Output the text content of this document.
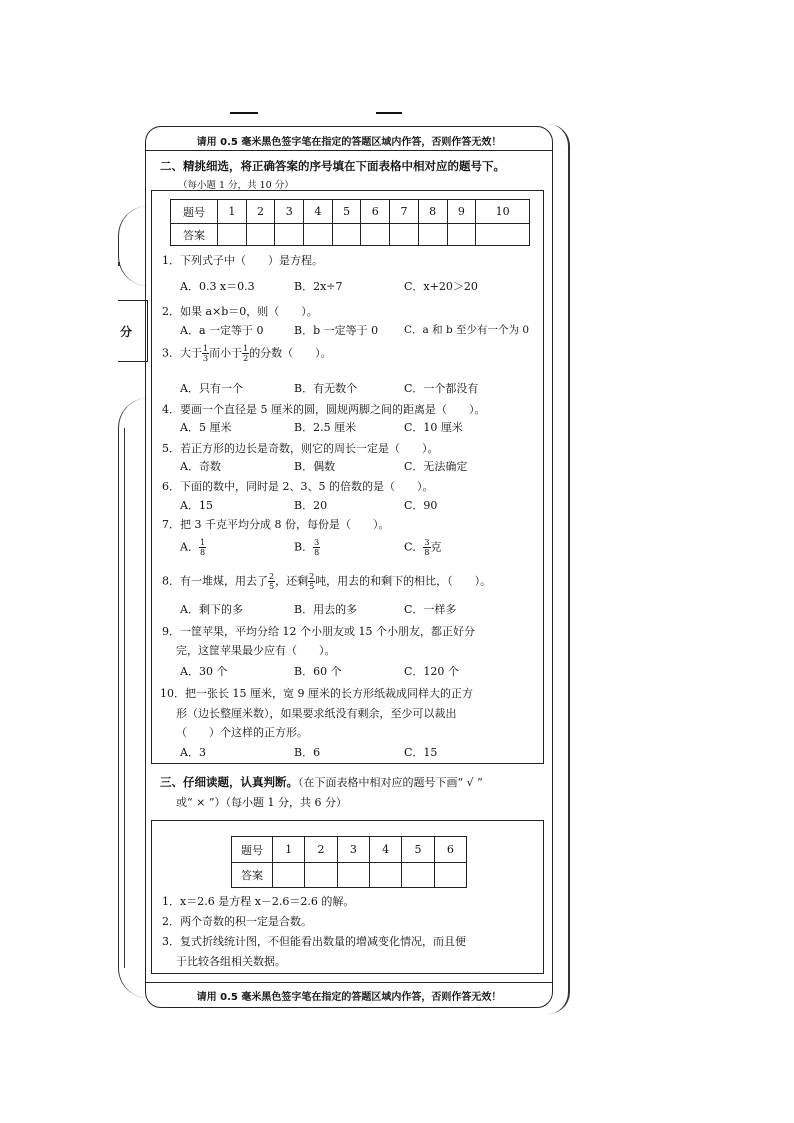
分
请用 0.5 毫米黑色签字笔在指定的答题区域内作答，否则作答无效！
二、精挑细选，将正确答案的序号填在下面表格中相对应的题号下。
（每小题 1 分，共 10 分）
题号	1	2	3	4	5	6	7	8	9	10
答案										
1．下列式子中（　　）是方程。
A．0.3 x＝0.3	B．2x÷7	C．x+20＞20
2．如果 a×b＝0，则（　　）。
A．a 一定等于 0	B．b 一定等于 0 C．a 和 b 至少有一个为 0
3．大于 $\frac{1}{3}$ 而小于 $\frac{1}{2}$ 的分数（　　）。
A．只有一个	B．有无数个	C．一个都没有
4．要画一个直径是 5 厘米的圆，圆规两脚之间的距离是（　　）。
A．5 厘米	B．2.5 厘米	C．10 厘米
5．若正方形的边长是奇数，则它的周长一定是（　　）。
A．奇数	B．偶数	C．无法确定
6．下面的数中，同时是 2、3、5 的倍数的是（　　）。
A．15	B．20	C．90
7．把 3 千克平均分成 8 份，每份是（　　）。
A． $\frac{1}{8}$	B． $\frac{3}{8}$	C． $\frac{3}{8}$ 克
8．有一堆煤，用去了 $\frac{2}{5}$ ，还剩 $\frac{2}{5}$ 吨，用去的和剩下的相比，（　　）。
A．剩下的多	B．用去的多	C．一样多
9．一筐苹果，平均分给 12 个小朋友或 15 个小朋友，都正好分
完，这筐苹果最少应有（　　）。
A．30 个	B．60 个	C．120 个
10．把一张长 15 厘米，宽 9 厘米的长方形纸裁成同样大的正方
形（边长整厘米数），如果要求纸没有剩余，至少可以裁出
（　　）个这样的正方形。
A．3	B．6	C．15
三、仔细读题，认真判断。（在下面表格中相对应的题号下画“ √ ”
或“ × ”）（每小题 1 分，共 6 分）
题号	1	2	3	4	5	6
答案						
1．x＝2.6 是方程 x－2.6＝2.6 的解。
2．两个奇数的积一定是合数。
3．复式折线统计图，不但能看出数量的增减变化情况，而且便
于比较各组相关数据。
请用 0.5 毫米黑色签字笔在指定的答题区域内作答，否则作答无效！
